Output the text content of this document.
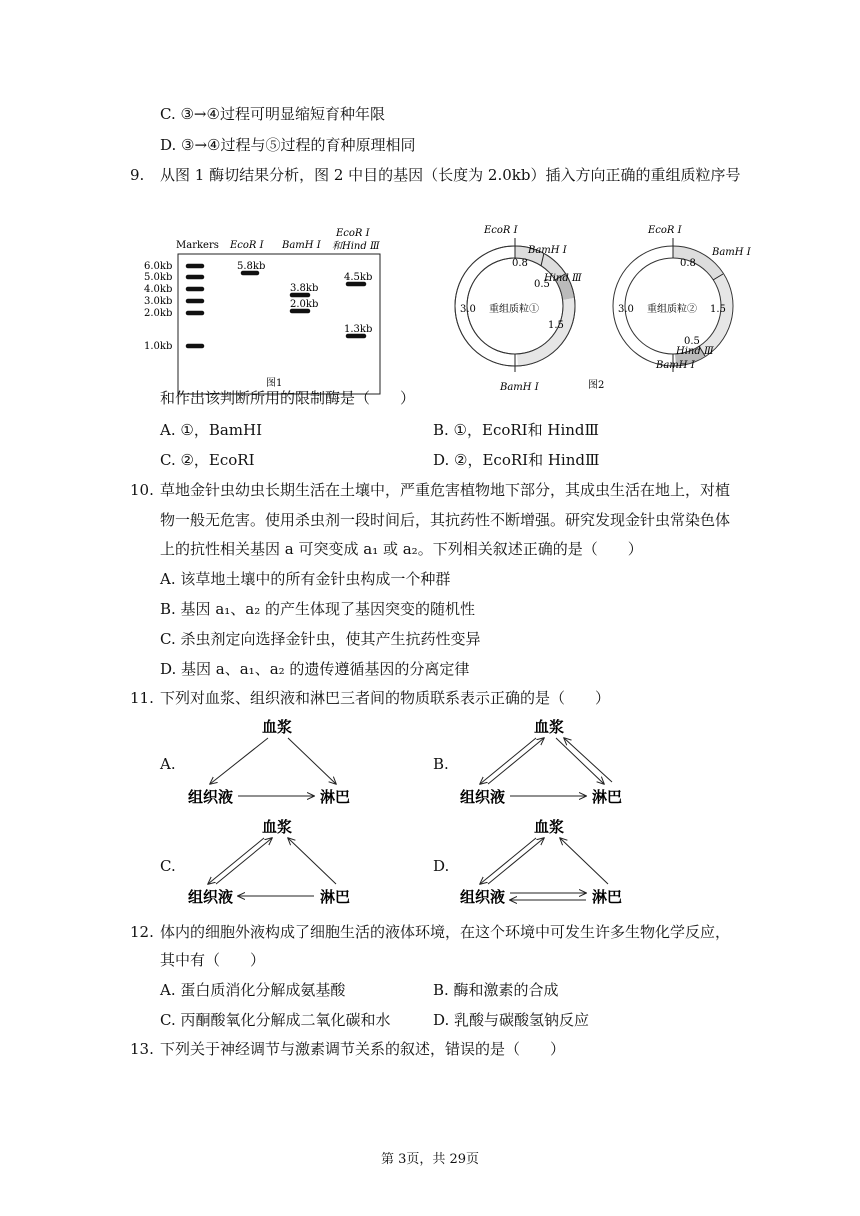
C. ③→④过程可明显缩短育种年限
D. ③→④过程与⑤过程的育种原理相同
9. 从图 1 酶切结果分析，图 2 中目的基因（长度为 2.0kb）插入方向正确的重组质粒序号
Markers EcoR Ⅰ BamH Ⅰ
EcoR Ⅰ
和Hind Ⅲ
6.0kb
5.0kb
4.0kb
3.0kb
2.0kb
1.0kb
5.8kb
3.8kb
2.0kb
4.5kb
1.3kb
图1
EcoR Ⅰ
BamH Ⅰ
Hind Ⅲ
BamH Ⅰ
0.8
0.5
1.5
3.0 重组质粒①
EcoR Ⅰ
BamH Ⅰ
Hind Ⅲ
BamH Ⅰ
0.8
1.5
0.5
3.0 重组质粒②
图2
和作出该判断所用的限制酶是（　　）
A. ①，BamHⅠ	B. ①，EcoRⅠ和 HindⅢ
C. ②，EcoRⅠ	D. ②，EcoRⅠ和 HindⅢ
10. 草地金针虫幼虫长期生活在土壤中，严重危害植物地下部分，其成虫生活在地上，对植
物一般无危害。使用杀虫剂一段时间后，其抗药性不断增强。研究发现金针虫常染色体
上的抗性相关基因 a 可突变成 a₁ 或 a₂。下列相关叙述正确的是（　　）
A. 该草地土壤中的所有金针虫构成一个种群
B. 基因 a₁、a₂ 的产生体现了基因突变的随机性
C. 杀虫剂定向选择金针虫，使其产生抗药性变异
D. 基因 a、a₁、a₂ 的遗传遵循基因的分离定律
11. 下列对血浆、组织液和淋巴三者间的物质联系表示正确的是（　　）
A.	B.
C.	D.
血浆
组织液	淋巴
血浆
组织液	淋巴
血浆
组织液	淋巴
血浆
组织液	淋巴
12. 体内的细胞外液构成了细胞生活的液体环境，在这个环境中可发生许多生物化学反应，
其中有（　　）
A. 蛋白质消化分解成氨基酸	B. 酶和激素的合成
C. 丙酮酸氧化分解成二氧化碳和水	D. 乳酸与碳酸氢钠反应
13. 下列关于神经调节与激素调节关系的叙述，错误的是（　　）
第 3页，共 29页
